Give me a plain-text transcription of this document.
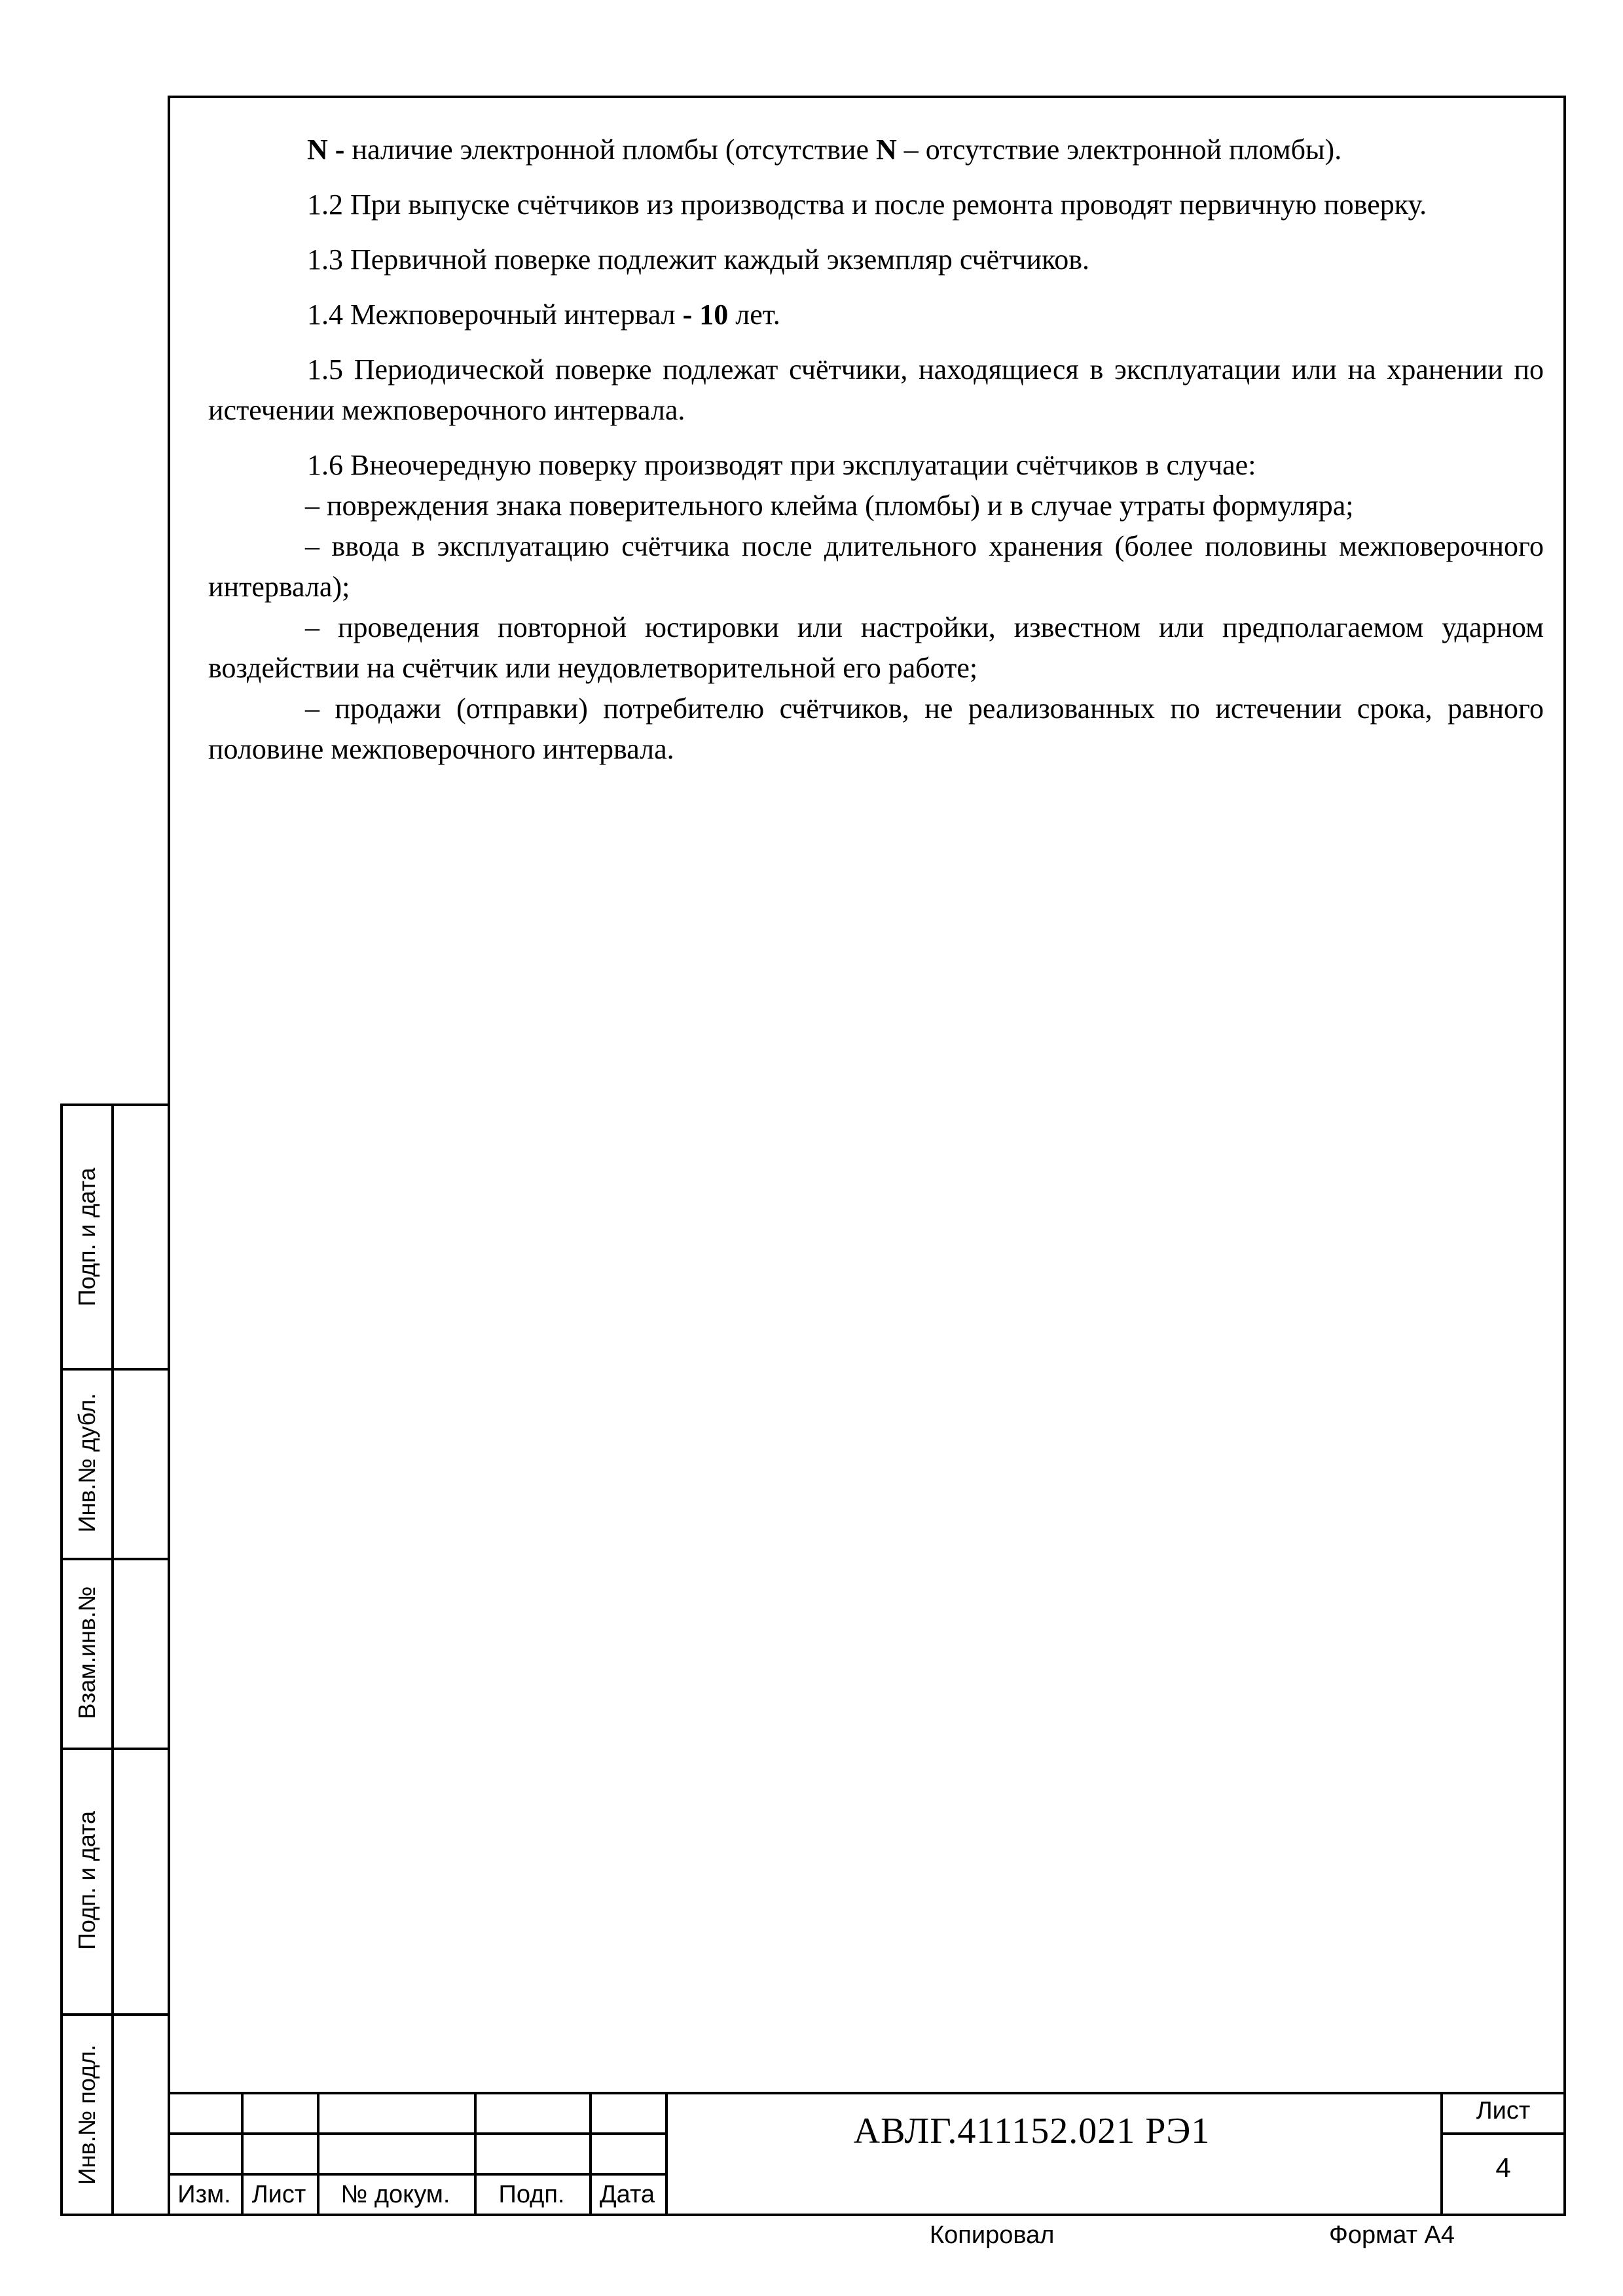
N - наличие электронной пломбы (отсутствие N – отсутствие электронной пломбы).

1.2 При выпуске счётчиков из производства и после ремонта проводят первичную поверку.

1.3 Первичной поверке подлежит каждый экземпляр счётчиков.

1.4 Межповерочный интервал - 10 лет.

1.5 Периодической поверке подлежат счётчики, находящиеся в эксплуатации или на хранении по истечении межповерочного интервала.

1.6 Внеочередную поверку производят при эксплуатации счётчиков в случае:

– повреждения знака поверительного клейма (пломбы) и в случае утраты формуляра;

– ввода в эксплуатацию счётчика после длительного хранения (более половины межповерочного интервала);

– проведения повторной юстировки или настройки, известном или предполагаемом ударном воздействии на счётчик или неудовлетворительной его работе;

– продажи (отправки) потребителю счётчиков, не реализованных по истечении срока, равного половине межповерочного интервала.

Подп. и дата
Инв.№ дубл.
Взам.инв.№
Подп. и дата
Инв.№ подл.
Изм. Лист	№ докум.	Подп.	Дата
АВЛГ.411152.021 РЭ1	Лист
4
Копировал	Формат А4
